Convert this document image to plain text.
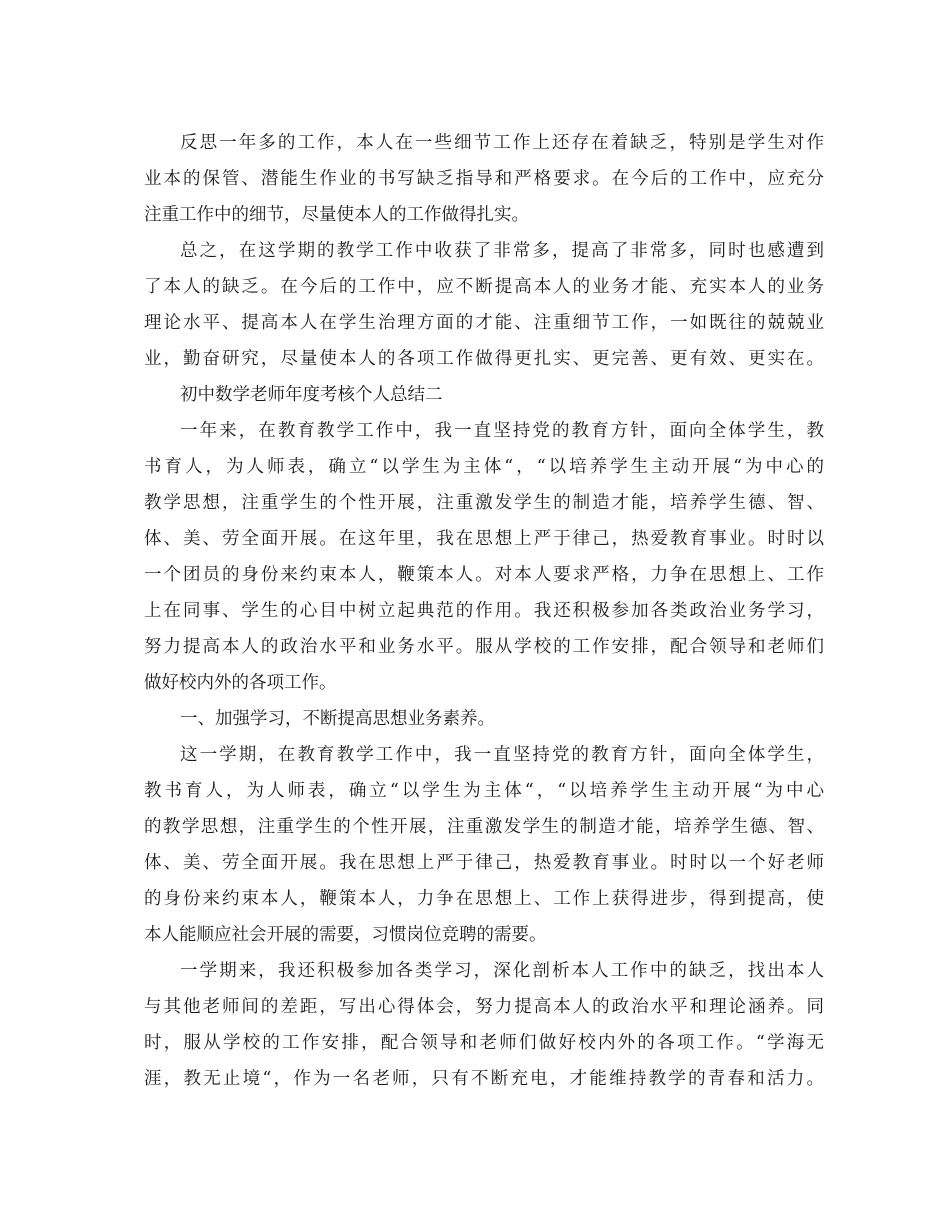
反思一年多的工作，本人在一些细节工作上还存在着缺乏，特别是学生对作
业本的保管、潜能生作业的书写缺乏指导和严格要求。在今后的工作中，应充分
注重工作中的细节，尽量使本人的工作做得扎实。
总之，在这学期的教学工作中收获了非常多，提高了非常多，同时也感遭到
了本人的缺乏。在今后的工作中，应不断提高本人的业务才能、充实本人的业务
理论水平、提高本人在学生治理方面的才能、注重细节工作，一如既往的兢兢业
业，勤奋研究，尽量使本人的各项工作做得更扎实、更完善、更有效、更实在。
初中数学老师年度考核个人总结二
一年来，在教育教学工作中，我一直坚持党的教育方针，面向全体学生，教
书育人，为人师表，确立“以学生为主体“，“以培养学生主动开展“为中心的
教学思想，注重学生的个性开展，注重激发学生的制造才能，培养学生德、智、
体、美、劳全面开展。在这年里，我在思想上严于律己，热爱教育事业。时时以
一个团员的身份来约束本人，鞭策本人。对本人要求严格，力争在思想上、工作
上在同事、学生的心目中树立起典范的作用。我还积极参加各类政治业务学习，
努力提高本人的政治水平和业务水平。服从学校的工作安排，配合领导和老师们
做好校内外的各项工作。
一、加强学习，不断提高思想业务素养。
这一学期，在教育教学工作中，我一直坚持党的教育方针，面向全体学生，
教书育人，为人师表，确立“以学生为主体“，“以培养学生主动开展“为中心
的教学思想，注重学生的个性开展，注重激发学生的制造才能，培养学生德、智、
体、美、劳全面开展。我在思想上严于律己，热爱教育事业。时时以一个好老师
的身份来约束本人，鞭策本人，力争在思想上、工作上获得进步，得到提高，使
本人能顺应社会开展的需要，习惯岗位竞聘的需要。
一学期来，我还积极参加各类学习，深化剖析本人工作中的缺乏，找出本人
与其他老师间的差距，写出心得体会，努力提高本人的政治水平和理论涵养。同
时，服从学校的工作安排，配合领导和老师们做好校内外的各项工作。“学海无
涯，教无止境“，作为一名老师，只有不断充电，才能维持教学的青春和活力。
